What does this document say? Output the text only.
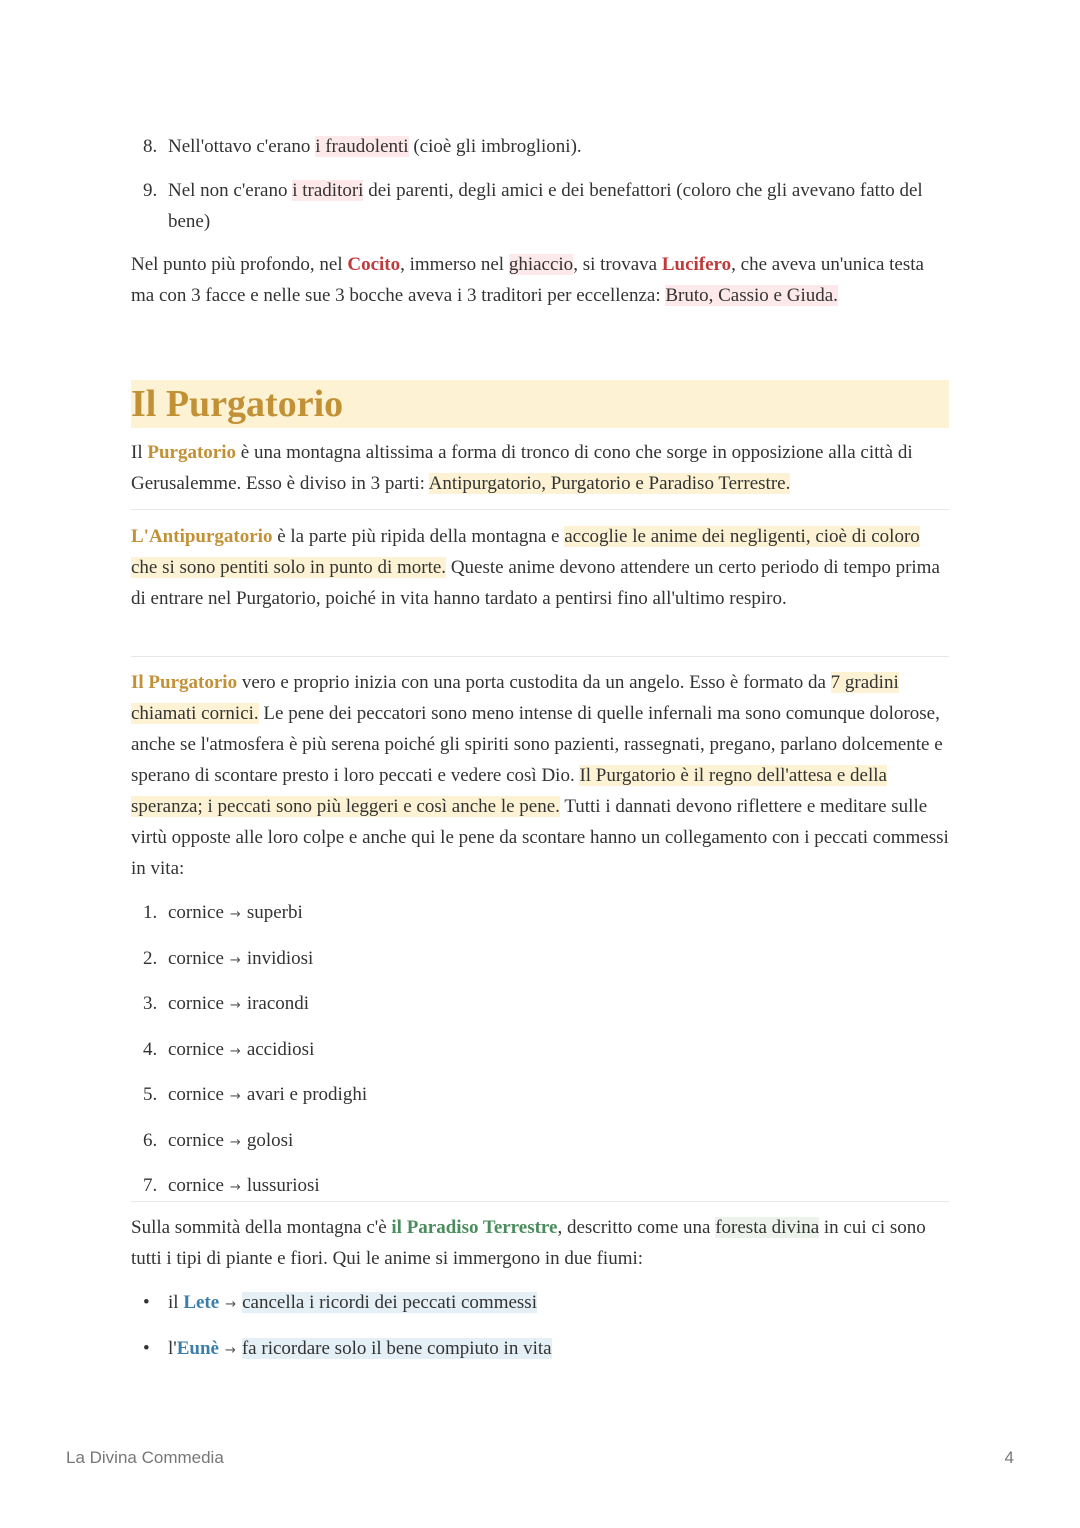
8. Nell'ottavo c'erano i fraudolenti (cioè gli imbroglioni).
9. Nel non c'erano i traditori dei parenti, degli amici e dei benefattori (coloro che gli avevano fatto del bene)

Nel punto più profondo, nel Cocito, immerso nel ghiaccio, si trovava Lucifero, che aveva un'unica testa ma con 3 facce e nelle sue 3 bocche aveva i 3 traditori per eccellenza: Bruto, Cassio e Giuda.

Il Purgatorio

Il Purgatorio è una montagna altissima a forma di tronco di cono che sorge in opposizione alla città di Gerusalemme. Esso è diviso in 3 parti: Antipurgatorio, Purgatorio e Paradiso Terrestre.

L'Antipurgatorio è la parte più ripida della montagna e accoglie le anime dei negligenti, cioè di coloro che si sono pentiti solo in punto di morte. Queste anime devono attendere un certo periodo di tempo prima di entrare nel Purgatorio, poiché in vita hanno tardato a pentirsi fino all'ultimo respiro.

Il Purgatorio vero e proprio inizia con una porta custodita da un angelo. Esso è formato da 7 gradini chiamati cornici. Le pene dei peccatori sono meno intense di quelle infernali ma sono comunque dolorose, anche se l'atmosfera è più serena poiché gli spiriti sono pazienti, rassegnati, pregano, parlano dolcemente e sperano di scontare presto i loro peccati e vedere così Dio. Il Purgatorio è il regno dell'attesa e della speranza; i peccati sono più leggeri e così anche le pene. Tutti i dannati devono riflettere e meditare sulle virtù opposte alle loro colpe e anche qui le pene da scontare hanno un collegamento con i peccati commessi in vita:

1. cornice → superbi
2. cornice → invidiosi
3. cornice → iracondi
4. cornice → accidiosi
5. cornice → avari e prodighi
6. cornice → golosi
7. cornice → lussuriosi

Sulla sommità della montagna c'è il Paradiso Terrestre, descritto come una foresta divina in cui ci sono tutti i tipi di piante e fiori. Qui le anime si immergono in due fiumi:

• il Lete → cancella i ricordi dei peccati commessi
• l'Eunè → fa ricordare solo il bene compiuto in vita
La Divina Commedia	4
